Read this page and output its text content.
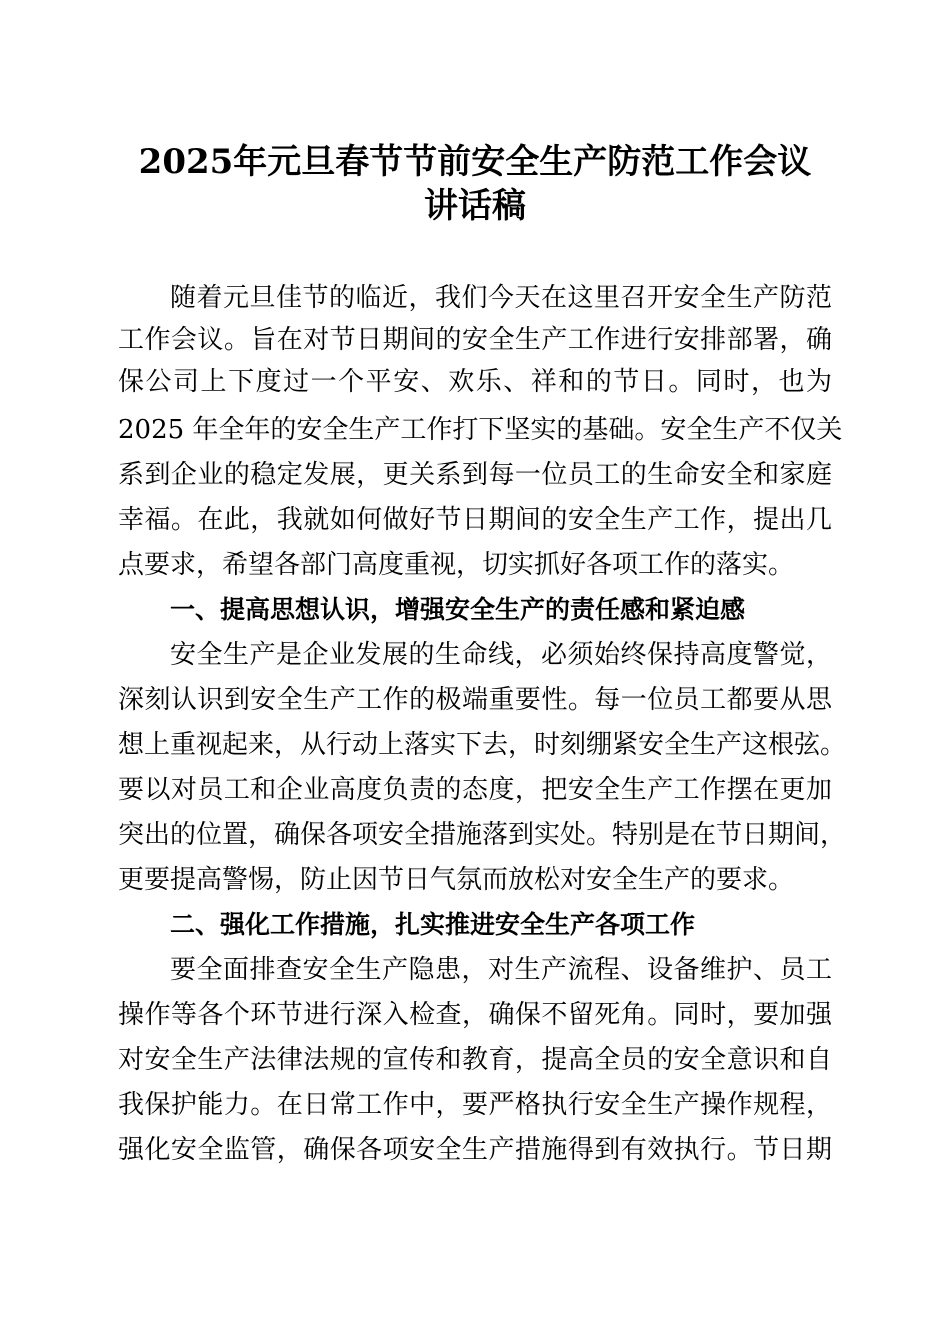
2025年元旦春节节前安全生产防范工作会议
讲话稿

随着元旦佳节的临近，我们今天在这里召开安全生产防范

工作会议。旨在对节日期间的安全生产工作进行安排部署，确

保公司上下度过一个平安、欢乐、祥和的节日。同时，也为

2025 年全年的安全生产工作打下坚实的基础。安全生产不仅关

系到企业的稳定发展，更关系到每一位员工的生命安全和家庭

幸福。在此，我就如何做好节日期间的安全生产工作，提出几

点要求，希望各部门高度重视，切实抓好各项工作的落实。

一、提高思想认识，增强安全生产的责任感和紧迫感

安全生产是企业发展的生命线，必须始终保持高度警觉，

深刻认识到安全生产工作的极端重要性。每一位员工都要从思

想上重视起来，从行动上落实下去，时刻绷紧安全生产这根弦。

要以对员工和企业高度负责的态度，把安全生产工作摆在更加

突出的位置，确保各项安全措施落到实处。特别是在节日期间，

更要提高警惕，防止因节日气氛而放松对安全生产的要求。

二、强化工作措施，扎实推进安全生产各项工作

要全面排查安全生产隐患，对生产流程、设备维护、员工

操作等各个环节进行深入检查，确保不留死角。同时，要加强

对安全生产法律法规的宣传和教育，提高全员的安全意识和自

我保护能力。在日常工作中，要严格执行安全生产操作规程，

强化安全监管，确保各项安全生产措施得到有效执行。节日期
